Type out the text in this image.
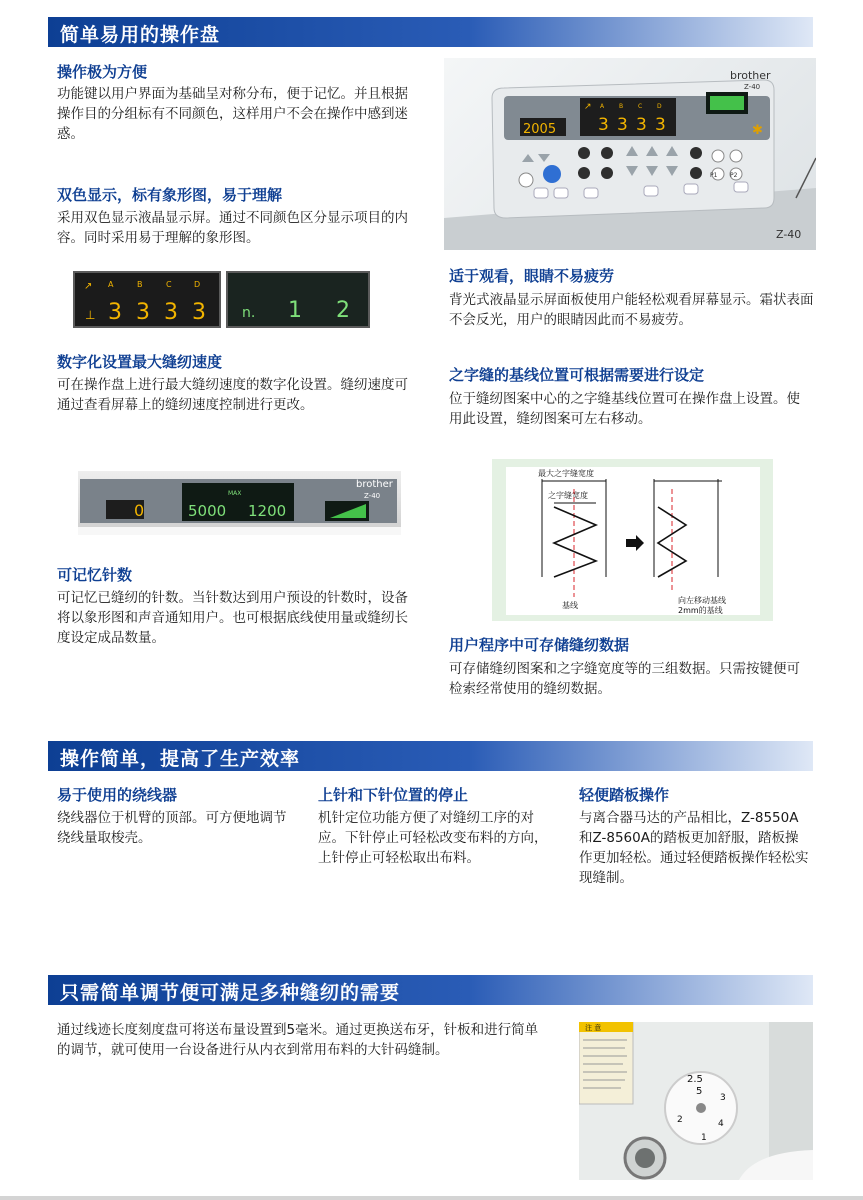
简单易用的操作盘
操作极为方便

功能键以用户界面为基础呈对称分布，便于记忆。并且根据操作目的分组标有不同颜色，这样用户不会在操作中感到迷惑。

双色显示，标有象形图，易于理解

采用双色显示液晶显示屏。通过不同颜色区分显示项目的内容。同时采用易于理解的象形图。

↗
⊥
A	B	C	D
3 3 3 3	n. 1 2
数字化设置最大缝纫速度

可在操作盘上进行最大缝纫速度的数字化设置。缝纫速度可通过查看屏幕上的缝纫速度控制进行更改。

0
MAX
5000 1200
brother
Z-40
可记忆针数

可记忆已缝纫的针数。当针数达到用户预设的针数时，设备将以象形图和声音通知用户。也可根据底线使用量或缝纫长度设定成品数量。

2005
↗ A B C D
3 3 3 3
brother
Z-40
P1 P2
✱
Z-40
适于观看，眼睛不易疲劳

背光式液晶显示屏面板使用户能轻松观看屏幕显示。霜状表面不会反光，用户的眼睛因此而不易疲劳。

之字缝的基线位置可根据需要进行设定

位于缝纫图案中心的之字缝基线位置可在操作盘上设置。使用此设置，缝纫图案可左右移动。

最大之字缝宽度
之字缝宽度
基线
向左移动基线
2mm的基线
用户程序中可存储缝纫数据

可存储缝纫图案和之字缝宽度等的三组数据。只需按键便可检索经常使用的缝纫数据。

操作简单，提高了生产效率
易于使用的绕线器

绕线器位于机臂的顶部。可方便地调节绕线量取梭壳。

上针和下针位置的停止

机针定位功能方便了对缝纫工序的对应。下针停止可轻松改变布料的方向，上针停止可轻松取出布料。

轻便踏板操作

与离合器马达的产品相比，Z-8550A和Z-8560A的踏板更加舒服，踏板操作更加轻松。通过轻便踏板操作轻松实现缝制。

只需简单调节便可满足多种缝纫的需要

通过线迹长度刻度盘可将送布量设置到5毫米。通过更换送布牙，针板和进行简单的调节，就可使用一台设备进行从内衣到常用布料的大针码缝制。

注 意
2.5
5
3
4
1
2
